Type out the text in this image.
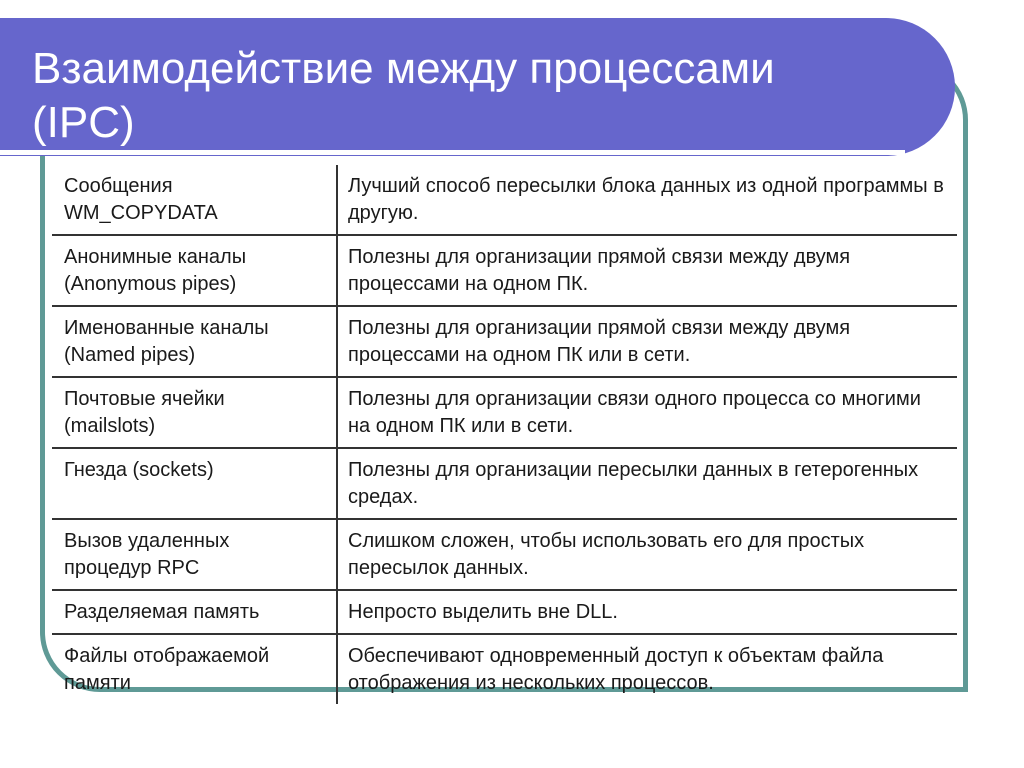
Взаимодействие между процессами
(IPC)
Сообщения
WM_COPYDATA	Лучший способ пересылки блока данных из одной программы в другую.
Анонимные каналы
(Anonymous pipes)	Полезны для организации прямой связи между двумя процессами на одном ПК.
Именованные каналы
(Named pipes)	Полезны для организации прямой связи между двумя процессами на одном ПК или в сети.
Почтовые ячейки
(mailslots)	Полезны для организации связи одного процесса со многими на одном ПК или в сети.
Гнезда (sockets)	Полезны для организации пересылки данных в гетерогенных средах.
Вызов удаленных
процедур RPC	Слишком сложен, чтобы использовать его для простых пересылок данных.
Разделяемая память	Непросто выделить вне DLL.
Файлы отображаемой
памяти	Обеспечивают одновременный доступ к объектам файла отображения из нескольких процессов.
